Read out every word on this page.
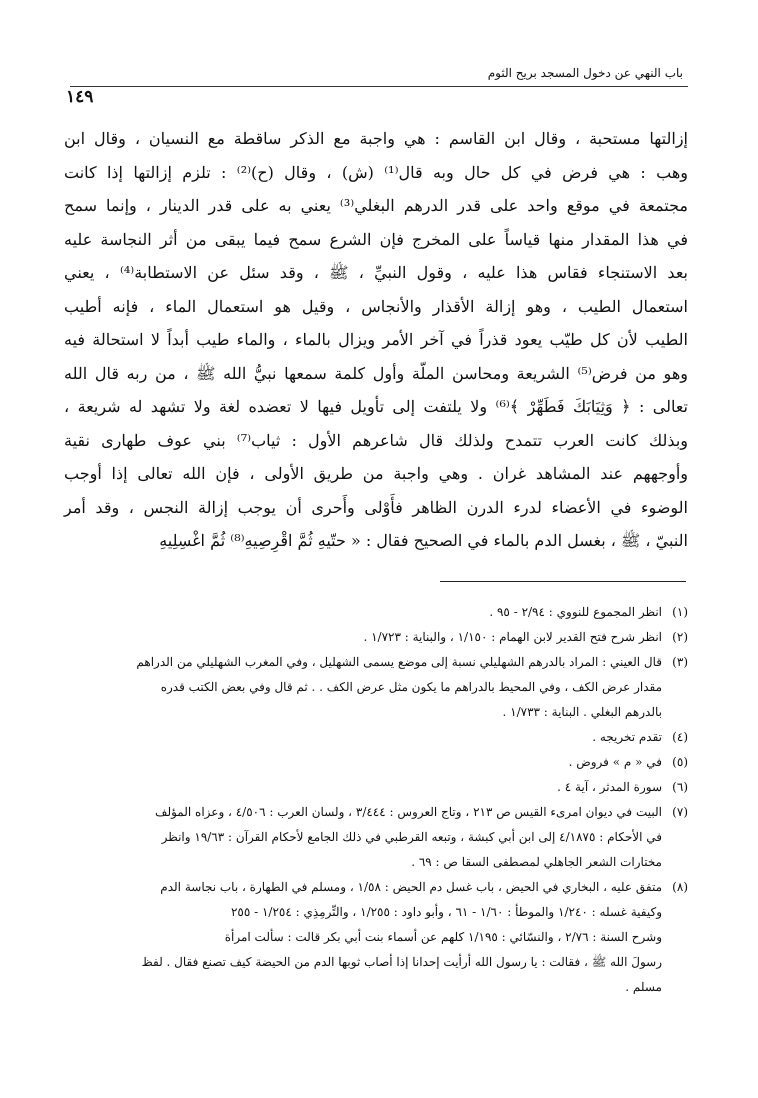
باب النهي عن دخول المسجد بريح الثوم
١٤٩

إزالتها مستحبة ، وقال ابن القاسم : هي واجبة مع الذكر ساقطة مع النسيان ، وقال ابن

وهب : هي فرض في كل حال وبه قال⁽¹⁾ (ش) ، وقال (ح)⁽²⁾ : تلزم إزالتها إذا كانت

مجتمعة في موقع واحد على قدر الدرهم البغلي⁽³⁾ يعني به على قدر الدينار ، وإنما سمح

في هذا المقدار منها قياساً على المخرج فإن الشرع سمح فيما يبقى من أثر النجاسة عليه

بعد الاستنجاء فقاس هذا عليه ، وقول النبيِّ ، ﷺ ، وقد سئل عن الاستطابة⁽⁴⁾ ، يعني

استعمال الطيب ، وهو إزالة الأقذار والأنجاس ، وقيل هو استعمال الماء ، فإنه أطيب

الطيب لأن كل طيّب يعود قذراً في آخر الأمر ويزال بالماء ، والماء طيب أبداً لا استحالة فيه

وهو من فرض⁽⁵⁾ الشريعة ومحاسن الملّة وأول كلمة سمعها نبيُّ الله ﷺ ، من ربه قال الله

تعالى : ﴿ وَثِيَابَكَ فَطَهِّرْ ﴾⁽⁶⁾ ولا يلتفت إلى تأويل فيها لا تعضده لغة ولا تشهد له شريعة ،

وبذلك كانت العرب تتمدح ولذلك قال شاعرهم الأول : ثياب⁽⁷⁾ بني عوف طهارى نقية

وأوجههم عند المشاهد غران . وهي واجبة من طريق الأولى ، فإن الله تعالى إذا أوجب

الوضوء في الأعضاء لدرء الدرن الظاهر فأَوْلى وأَحرى أن يوجب إزالة النجس ، وقد أمر

النبيّ ، ﷺ ، بغسل الدم بالماء في الصحيح فقال : « حتّيهِ ثُمَّ اقْرِصِيهِ⁽⁸⁾ ثُمَّ اغْسِلِيهِ

(١)

انظر المجموع للنووي : ٢/٩٤ - ٩٥ .

(٢)

انظر شرح فتح القدير لابن الهمام : ١/١٥٠ ، والبناية : ١/٧٢٣ .

(٣)

قال العيني : المراد بالدرهم الشهليلي نسبة إلى موضع يسمى الشهليل ، وفي المغرب الشهليلي من الدراهم

مقدار عرض الكف ، وفي المحيط بالدراهم ما يكون مثل عرض الكف . . ثم قال وفي بعض الكتب قدره

بالدرهم البغلي . البناية : ١/٧٣٣ .

(٤)

تقدم تخريجه .

(٥)

في « م » فروض .

(٦)

سورة المدثر ، آية ٤ .

(٧)

البيت في ديوان امرىء القيس ص ٢١٣ ، وتاج العروس : ٣/٤٤٤ ، ولسان العرب : ٤/٥٠٦ ، وعزاه المؤلف

في الأحكام : ٤/١٨٧٥ إلى ابن أبي كبشة ، وتبعه القرطبي في ذلك الجامع لأحكام القرآن : ١٩/٦٣ وانظر

مختارات الشعر الجاهلي لمصطفى السقا ص : ٦٩ .

(٨)

متفق عليه ، البخاري في الحيض ، باب غسل دم الحيض : ١/٥٨ ، ومسلم في الطهارة ، باب نجاسة الدم

وكيفية غسله : ١/٢٤٠ والموطأ : ١/٦٠ - ٦١ ، وأبو داود : ١/٢٥٥ ، والتِّرمِذِي : ١/٢٥٤ - ٢٥٥

وشرح السنة : ٢/٧٦ ، والنسّائي : ١/١٩٥ كلهم عن أسماء بنت أبي بكر قالت : سألت امرأة

رسولَ الله ﷺ ، فقالت : يا رسول الله أرأيت إحدانا إذا أصاب ثوبها الدم من الحيضة كيف تصنع فقال . لفظ

مسلم .
